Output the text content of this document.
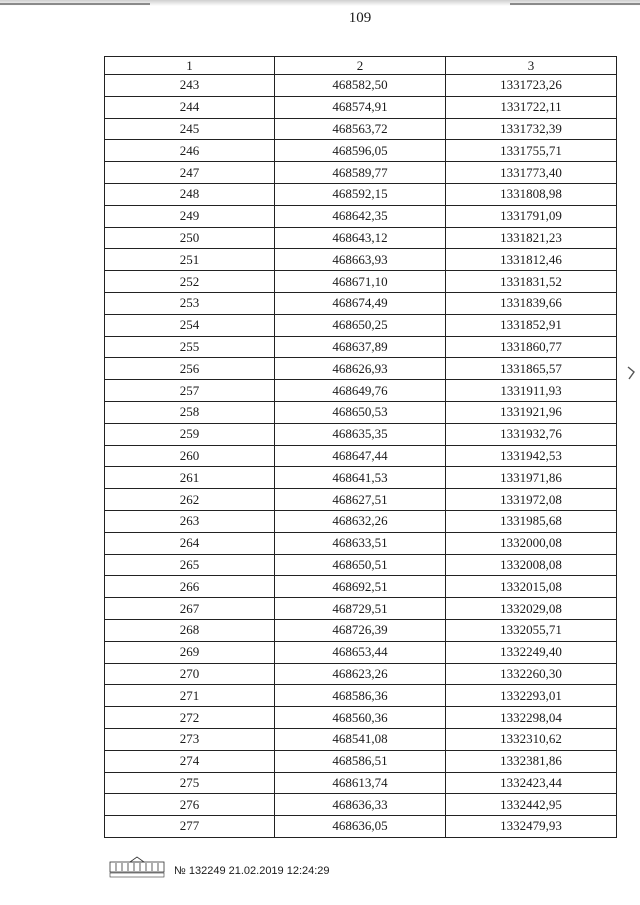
109
1	2	3
243	468582,50	1331723,26
244	468574,91	1331722,11
245	468563,72	1331732,39
246	468596,05	1331755,71
247	468589,77	1331773,40
248	468592,15	1331808,98
249	468642,35	1331791,09
250	468643,12	1331821,23
251	468663,93	1331812,46
252	468671,10	1331831,52
253	468674,49	1331839,66
254	468650,25	1331852,91
255	468637,89	1331860,77
256	468626,93	1331865,57
257	468649,76	1331911,93
258	468650,53	1331921,96
259	468635,35	1331932,76
260	468647,44	1331942,53
261	468641,53	1331971,86
262	468627,51	1331972,08
263	468632,26	1331985,68
264	468633,51	1332000,08
265	468650,51	1332008,08
266	468692,51	1332015,08
267	468729,51	1332029,08
268	468726,39	1332055,71
269	468653,44	1332249,40
270	468623,26	1332260,30
271	468586,36	1332293,01
272	468560,36	1332298,04
273	468541,08	1332310,62
274	468586,51	1332381,86
275	468613,74	1332423,44
276	468636,33	1332442,95
277	468636,05	1332479,93
№ 132249 21.02.2019 12:24:29
